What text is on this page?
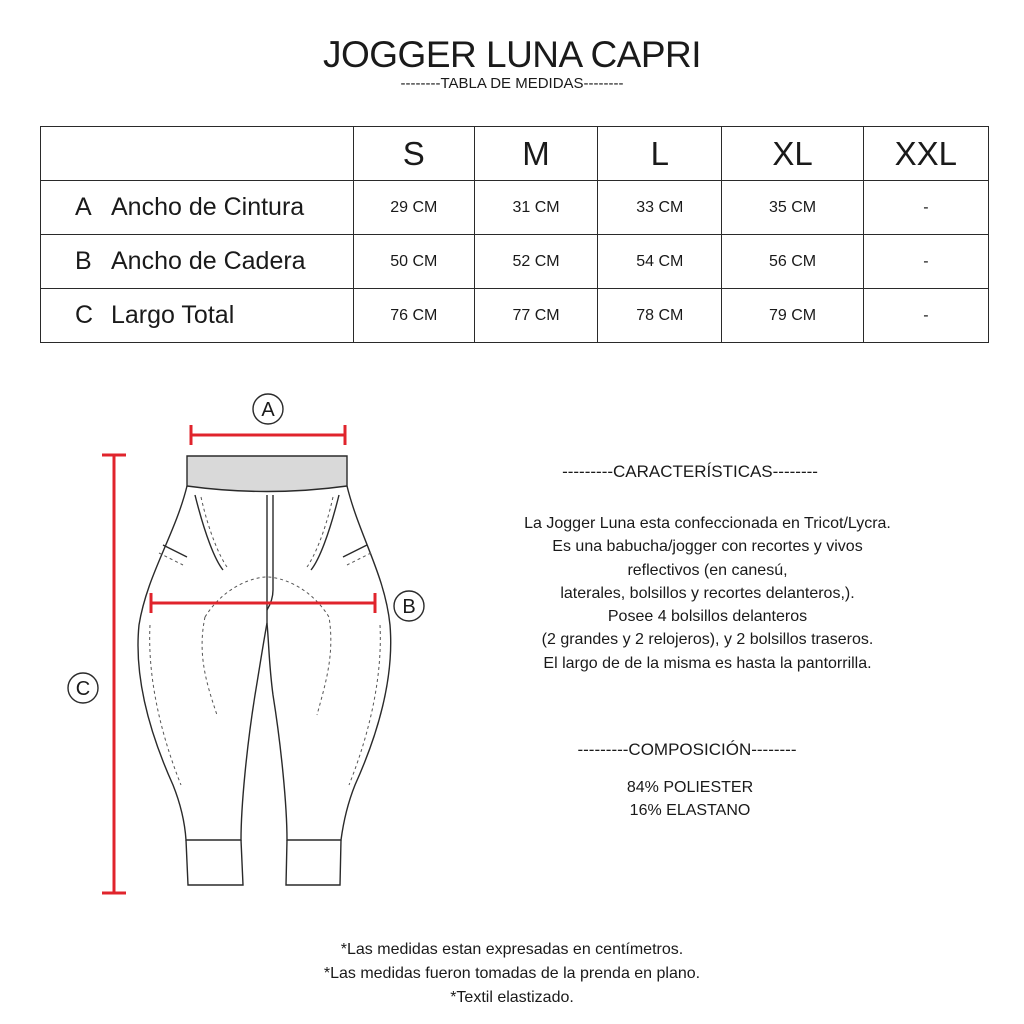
JOGGER LUNA CAPRI
--------TABLA DE MEDIDAS--------
	S	M	L	XL	XXL
A Ancho de Cintura	29 CM	31 CM	33 CM	35 CM	-
B Ancho de Cadera	50 CM	52 CM	54 CM	56 CM	-
C Largo Total	76 CM	77 CM	78 CM	79 CM	-
A
B
C
---------CARACTERÍSTICAS--------
La Jogger Luna esta confeccionada en Tricot/Lycra.
Es una babucha/jogger con recortes y vivos
reflectivos (en canesú,
laterales, bolsillos y recortes delanteros,).
Posee 4 bolsillos delanteros
(2 grandes y 2 relojeros), y 2 bolsillos traseros.
El largo de de la misma es hasta la pantorrilla.
---------COMPOSICIÓN--------
84% POLIESTER
16% ELASTANO
*Las medidas estan expresadas en centímetros.
*Las medidas fueron tomadas de la prenda en plano.
*Textil elastizado.
